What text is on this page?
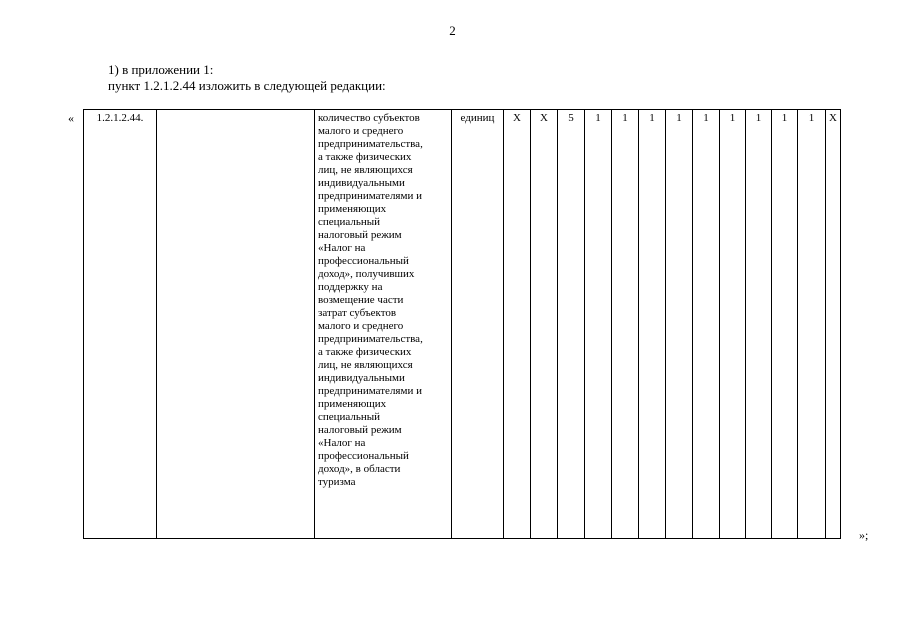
2
1) в приложении 1:
пункт 1.2.1.2.44 изложить в следующей редакции:
« 1.2.1.2.44.		количество субъектов
малого и среднего
предпринимательства,
а также физических
лиц, не являющихся
индивидуальными
предпринимателями и
применяющих
специальный
налоговый режим
«Налог на
профессиональный
доход», получивших
поддержку на
возмещение части
затрат субъектов
малого и среднего
предпринимательства,
а также физических
лиц, не являющихся
индивидуальными
предпринимателями и
применяющих
специальный
налоговый режим
«Налог на
профессиональный
доход», в области
туризма	единиц	Х	Х	5	1	1	1	1	1	1	1	1	1	Х
»;
